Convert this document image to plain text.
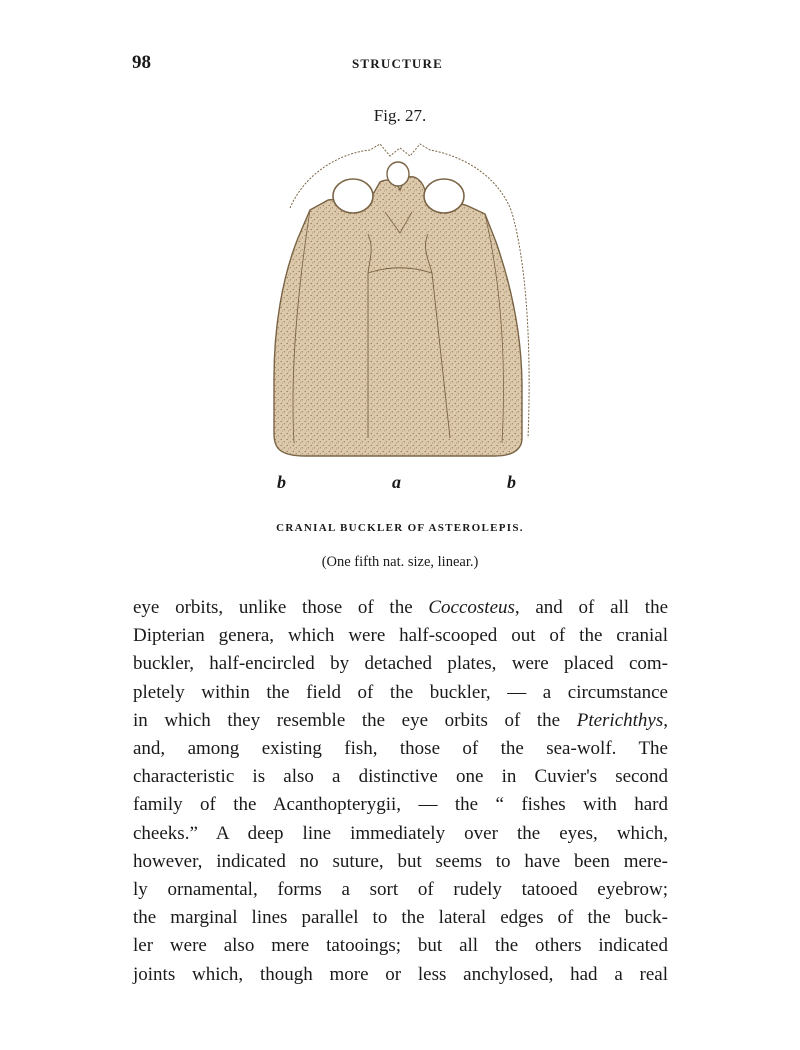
98	STRUCTURE
Fig. 27.
b	a	b
CRANIAL BUCKLER OF ASTEROLEPIS.
(One fifth nat. size, linear.)
eye orbits, unlike those of the Coccosteus, and of all the
Dipterian genera, which were half-scooped out of the cranial
buckler, half-encircled by detached plates, were placed com-
pletely within the field of the buckler, — a circumstance
in which they resemble the eye orbits of the Pterichthys,
and, among existing fish, those of the sea-wolf. The
characteristic is also a distinctive one in Cuvier's second
family of the Acanthopterygii, — the “ fishes with hard
cheeks.” A deep line immediately over the eyes, which,
however, indicated no suture, but seems to have been mere-
ly ornamental, forms a sort of rudely tatooed eyebrow;
the marginal lines parallel to the lateral edges of the buck-
ler were also mere tatooings; but all the others indicated
joints which, though more or less anchylosed, had a real
